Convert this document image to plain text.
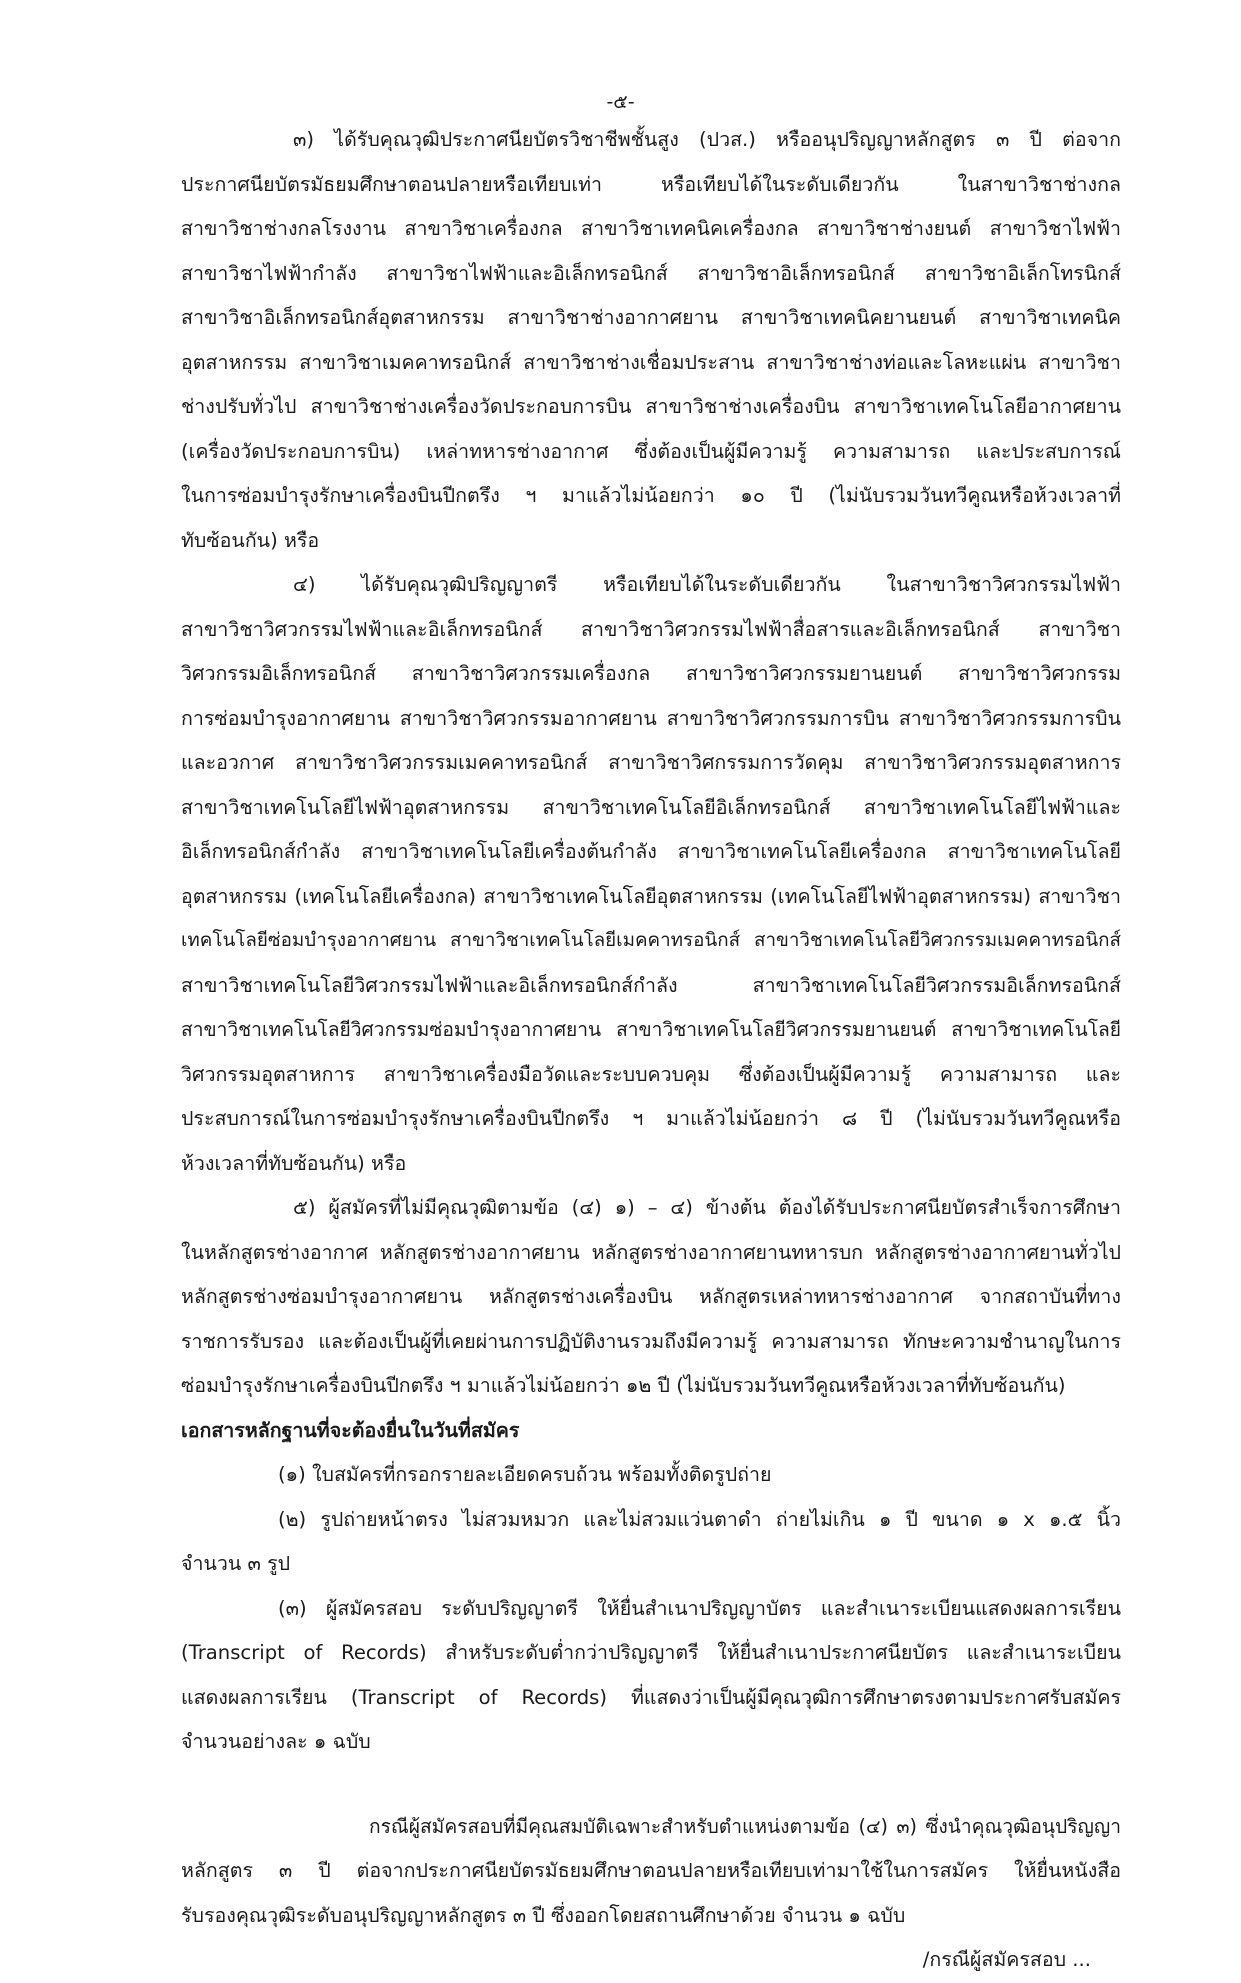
-๕-
๓) ได้รับคุณวุฒิประกาศนียบัตรวิชาชีพชั้นสูง (ปวส.) หรืออนุปริญญาหลักสูตร ๓ ปี ต่อจาก
ประกาศนียบัตรมัธยมศึกษาตอนปลายหรือเทียบเท่า หรือเทียบได้ในระดับเดียวกัน ในสาขาวิชาช่างกล
สาขาวิชาช่างกลโรงงาน สาขาวิชาเครื่องกล สาขาวิชาเทคนิคเครื่องกล สาขาวิชาช่างยนต์ สาขาวิชาไฟฟ้า
สาขาวิชาไฟฟ้ากำลัง สาขาวิชาไฟฟ้าและอิเล็กทรอนิกส์ สาขาวิชาอิเล็กทรอนิกส์ สาขาวิชาอิเล็กโทรนิกส์
สาขาวิชาอิเล็กทรอนิกส์อุตสาหกรรม สาขาวิชาช่างอากาศยาน สาขาวิชาเทคนิคยานยนต์ สาขาวิชาเทคนิค
อุตสาหกรรม สาขาวิชาเมคคาทรอนิกส์ สาขาวิชาช่างเชื่อมประสาน สาขาวิชาช่างท่อและโลหะแผ่น สาขาวิชา
ช่างปรับทั่วไป สาขาวิชาช่างเครื่องวัดประกอบการบิน สาขาวิชาช่างเครื่องบิน สาขาวิชาเทคโนโลยีอากาศยาน
(เครื่องวัดประกอบการบิน) เหล่าทหารช่างอากาศ ซึ่งต้องเป็นผู้มีความรู้ ความสามารถ และประสบการณ์
ในการซ่อมบำรุงรักษาเครื่องบินปีกตรึง ฯ มาแล้วไม่น้อยกว่า ๑๐ ปี (ไม่นับรวมวันทวีคูณหรือห้วงเวลาที่
ทับซ้อนกัน) หรือ
๔) ได้รับคุณวุฒิปริญญาตรี หรือเทียบได้ในระดับเดียวกัน ในสาขาวิชาวิศวกรรมไฟฟ้า
สาขาวิชาวิศวกรรมไฟฟ้าและอิเล็กทรอนิกส์ สาขาวิชาวิศวกรรมไฟฟ้าสื่อสารและอิเล็กทรอนิกส์ สาขาวิชา
วิศวกรรมอิเล็กทรอนิกส์ สาขาวิชาวิศวกรรมเครื่องกล สาขาวิชาวิศวกรรมยานยนต์ สาขาวิชาวิศวกรรม
การซ่อมบำรุงอากาศยาน สาขาวิชาวิศวกรรมอากาศยาน สาขาวิชาวิศวกรรมการบิน สาขาวิชาวิศวกรรมการบิน
และอวกาศ สาขาวิชาวิศวกรรมเมคคาทรอนิกส์ สาขาวิชาวิศกรรมการวัดคุม สาขาวิชาวิศวกรรมอุตสาหการ
สาขาวิชาเทคโนโลยีไฟฟ้าอุตสาหกรรม สาขาวิชาเทคโนโลยีอิเล็กทรอนิกส์ สาขาวิชาเทคโนโลยีไฟฟ้าและ
อิเล็กทรอนิกส์กำลัง สาขาวิชาเทคโนโลยีเครื่องต้นกำลัง สาขาวิชาเทคโนโลยีเครื่องกล สาขาวิชาเทคโนโลยี
อุตสาหกรรม (เทคโนโลยีเครื่องกล) สาขาวิชาเทคโนโลยีอุตสาหกรรม (เทคโนโลยีไฟฟ้าอุตสาหกรรม) สาขาวิชา
เทคโนโลยีซ่อมบำรุงอากาศยาน สาขาวิชาเทคโนโลยีเมคคาทรอนิกส์ สาขาวิชาเทคโนโลยีวิศวกรรมเมคคาทรอนิกส์
สาขาวิชาเทคโนโลยีวิศวกรรมไฟฟ้าและอิเล็กทรอนิกส์กำลัง สาขาวิชาเทคโนโลยีวิศวกรรมอิเล็กทรอนิกส์
สาขาวิชาเทคโนโลยีวิศวกรรมซ่อมบำรุงอากาศยาน สาขาวิชาเทคโนโลยีวิศวกรรมยานยนต์ สาขาวิชาเทคโนโลยี
วิศวกรรมอุตสาหการ สาขาวิชาเครื่องมือวัดและระบบควบคุม ซึ่งต้องเป็นผู้มีความรู้ ความสามารถ และ
ประสบการณ์ในการซ่อมบำรุงรักษาเครื่องบินปีกตรึง ฯ มาแล้วไม่น้อยกว่า ๘ ปี (ไม่นับรวมวันทวีคูณหรือ
ห้วงเวลาที่ทับซ้อนกัน) หรือ
๕) ผู้สมัครที่ไม่มีคุณวุฒิตามข้อ (๔) ๑) – ๔) ข้างต้น ต้องได้รับประกาศนียบัตรสำเร็จการศึกษา
ในหลักสูตรช่างอากาศ หลักสูตรช่างอากาศยาน หลักสูตรช่างอากาศยานทหารบก หลักสูตรช่างอากาศยานทั่วไป
หลักสูตรช่างซ่อมบำรุงอากาศยาน หลักสูตรช่างเครื่องบิน หลักสูตรเหล่าทหารช่างอากาศ จากสถาบันที่ทาง
ราชการรับรอง และต้องเป็นผู้ที่เคยผ่านการปฏิบัติงานรวมถึงมีความรู้ ความสามารถ ทักษะความชำนาญในการ
ซ่อมบำรุงรักษาเครื่องบินปีกตรึง ฯ มาแล้วไม่น้อยกว่า ๑๒ ปี (ไม่นับรวมวันทวีคูณหรือห้วงเวลาที่ทับซ้อนกัน)
เอกสารหลักฐานที่จะต้องยื่นในวันที่สมัคร
(๑) ใบสมัครที่กรอกรายละเอียดครบถ้วน พร้อมทั้งติดรูปถ่าย
(๒) รูปถ่ายหน้าตรง ไม่สวมหมวก และไม่สวมแว่นตาดำ ถ่ายไม่เกิน ๑ ปี ขนาด ๑ x ๑.๕ นิ้ว
จำนวน ๓ รูป
(๓) ผู้สมัครสอบ ระดับปริญญาตรี ให้ยื่นสำเนาปริญญาบัตร และสำเนาระเบียนแสดงผลการเรียน
(Transcript of Records) สำหรับระดับต่ำกว่าปริญญาตรี ให้ยื่นสำเนาประกาศนียบัตร และสำเนาระเบียน
แสดงผลการเรียน (Transcript of Records) ที่แสดงว่าเป็นผู้มีคุณวุฒิการศึกษาตรงตามประกาศรับสมัคร
จำนวนอย่างละ ๑ ฉบับ
กรณีผู้สมัครสอบที่มีคุณสมบัติเฉพาะสำหรับตำแหน่งตามข้อ (๔) ๓) ซึ่งนำคุณวุฒิอนุปริญญา
หลักสูตร ๓ ปี ต่อจากประกาศนียบัตรมัธยมศึกษาตอนปลายหรือเทียบเท่ามาใช้ในการสมัคร ให้ยื่นหนังสือ
รับรองคุณวุฒิระดับอนุปริญญาหลักสูตร ๓ ปี ซึ่งออกโดยสถานศึกษาด้วย จำนวน ๑ ฉบับ
/กรณีผู้สมัครสอบ ...
